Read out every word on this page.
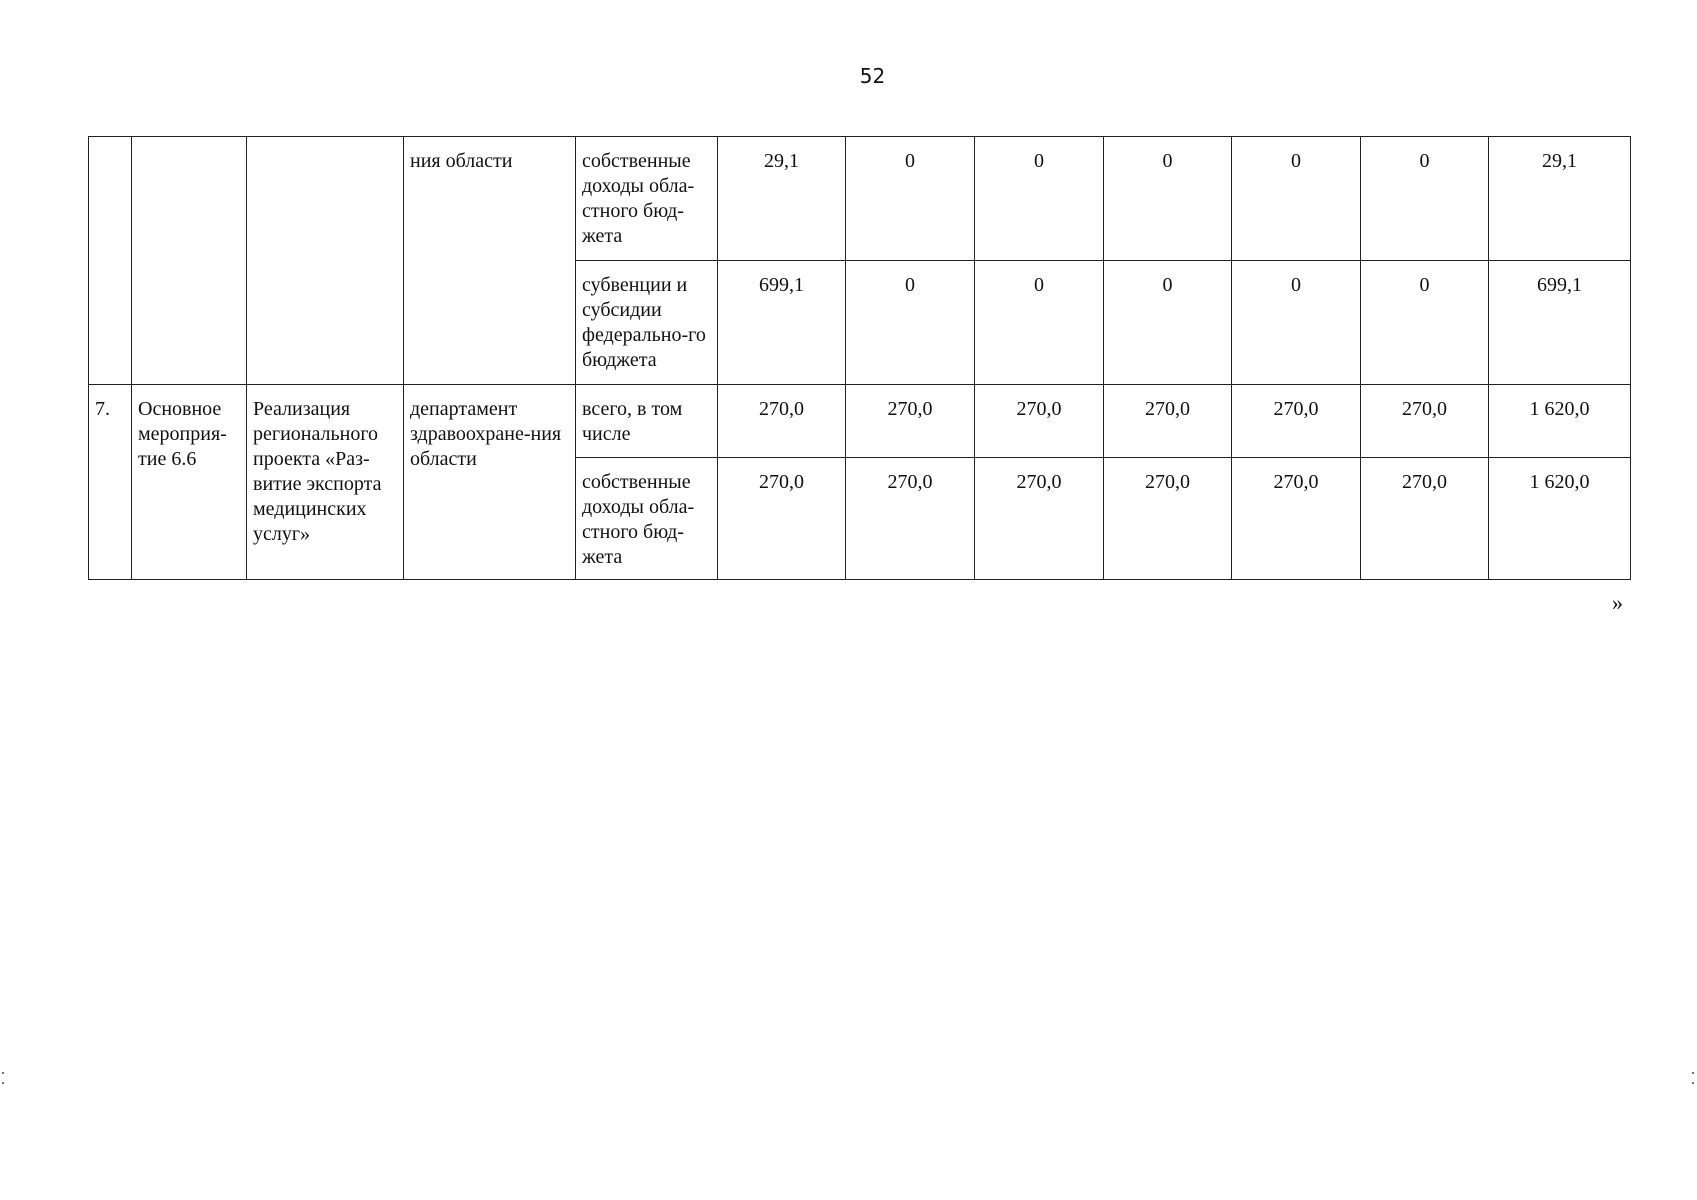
52
			ния области	собственные доходы обла-стного бюд-жета	29,1	0	0	0	0	0	29,1
				субвенции и субсидии федерально-го бюджета	699,1	0	0	0	0	0	699,1
7.	Основное мероприя-тие 6.6	Реализация регионального проекта «Раз-витие экспорта медицинских услуг»	департамент здравоохране-ния области	всего, в том числе	270,0	270,0	270,0	270,0	270,0	270,0	1 620,0
				собственные доходы обла-стного бюд-жета	270,0	270,0	270,0	270,0	270,0	270,0	1 620,0
»
